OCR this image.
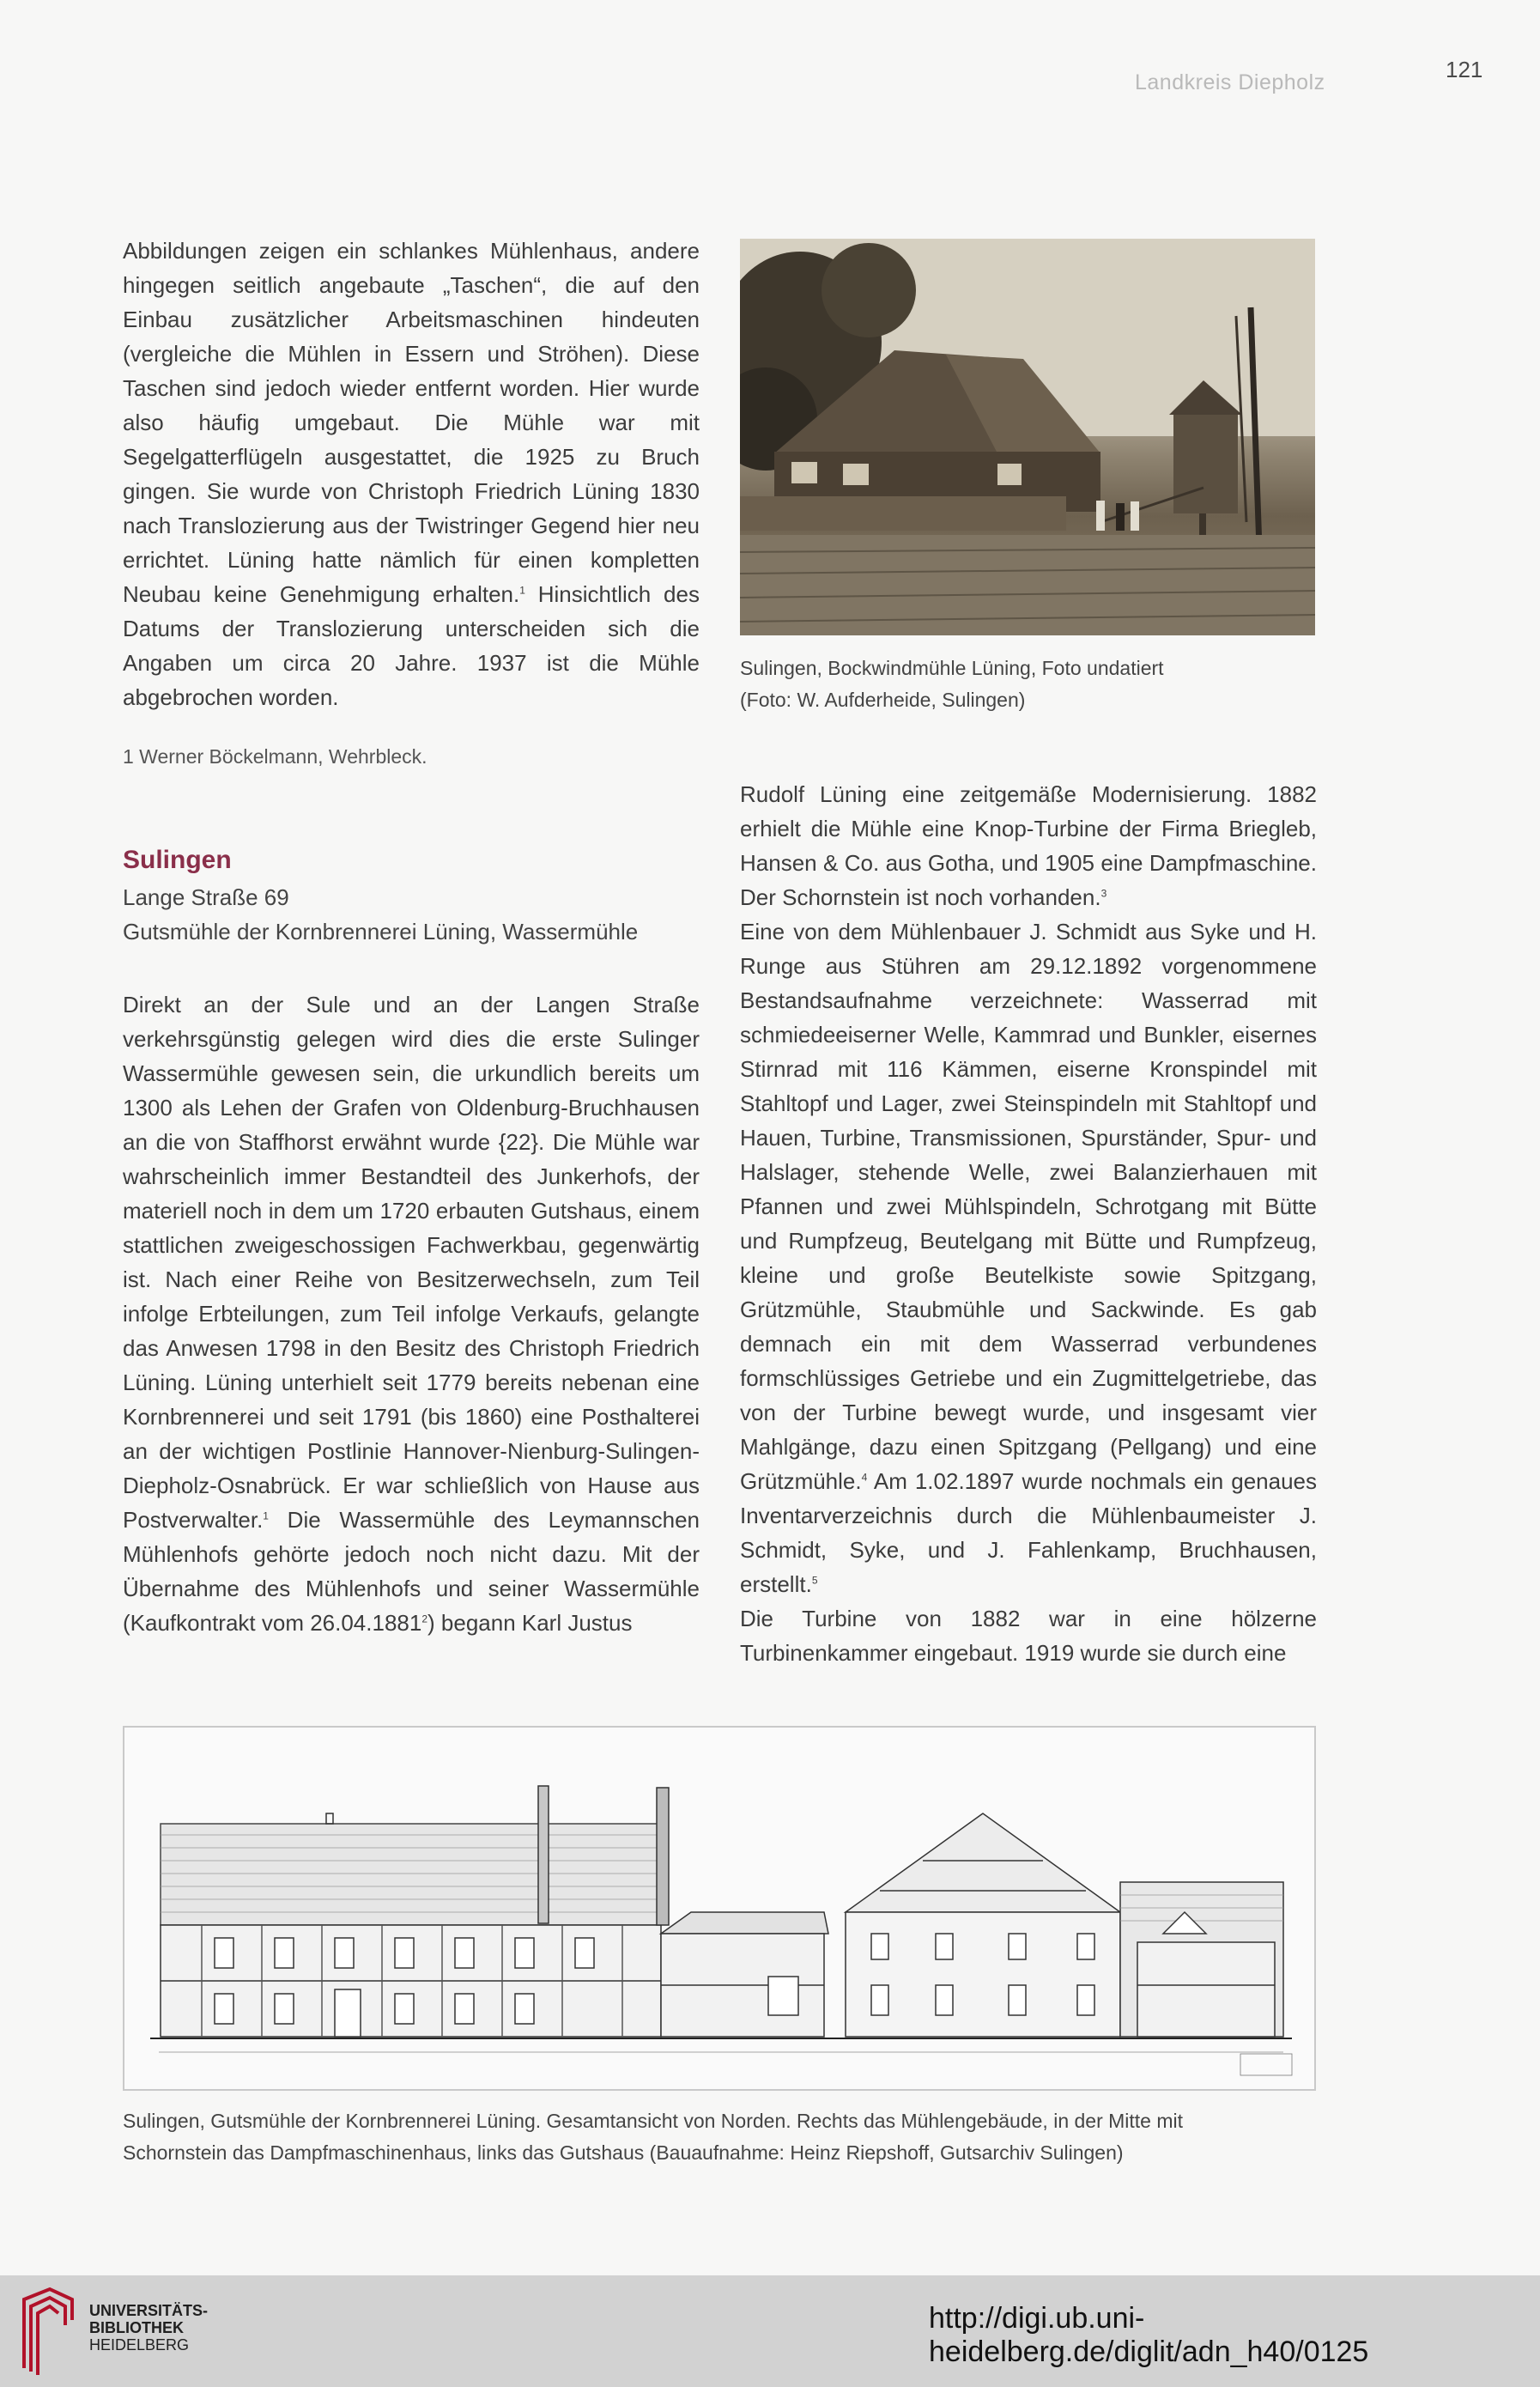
Landkreis Diepholz	121

Abbildungen zeigen ein schlankes Mühlenhaus, andere hingegen seitlich angebaute „Taschen“, die auf den Einbau zusätzlicher Arbeitsmaschinen hindeuten (vergleiche die Mühlen in Essern und Ströhen). Diese Taschen sind jedoch wieder entfernt worden. Hier wurde also häufig umgebaut. Die Mühle war mit Segelgatterflügeln ausgestattet, die 1925 zu Bruch gingen. Sie wurde von Christoph Friedrich Lüning 1830 nach Translozierung aus der Twistringer Gegend hier neu errichtet. Lüning hatte nämlich für einen kompletten Neubau keine Genehmigung erhalten.$^1$ Hinsichtlich des Datums der Translozierung unterscheiden sich die Angaben um circa 20 Jahre. 1937 ist die Mühle abgebrochen worden.

1 Werner Böckelmann, Wehrbleck.
Sulingen, Bockwindmühle Lüning, Foto undatiert
(Foto: W. Aufderheide, Sulingen)
Sulingen
Lange Straße 69
Gutsmühle der Kornbrennerei Lüning, Wassermühle

Direkt an der Sule und an der Langen Straße verkehrsgünstig gelegen wird dies die erste Sulinger Wassermühle gewesen sein, die urkundlich bereits um 1300 als Lehen der Grafen von Oldenburg-Bruchhausen an die von Staffhorst erwähnt wurde {22}. Die Mühle war wahrscheinlich immer Bestandteil des Junkerhofs, der materiell noch in dem um 1720 erbauten Gutshaus, einem stattlichen zweigeschossigen Fachwerkbau, gegenwärtig ist. Nach einer Reihe von Besitzerwechseln, zum Teil infolge Erbteilungen, zum Teil infolge Verkaufs, gelangte das Anwesen 1798 in den Besitz des Christoph Friedrich Lüning. Lüning unterhielt seit 1779 bereits nebenan eine Kornbrennerei und seit 1791 (bis 1860) eine Posthalterei an der wichtigen Postlinie Hannover-Nienburg-Sulingen-Diepholz-Osnabrück. Er war schließlich von Hause aus Postverwalter.$^1$ Die Wassermühle des Leymannschen Mühlenhofs gehörte jedoch noch nicht dazu. Mit der Übernahme des Mühlenhofs und seiner Wassermühle (Kaufkontrakt vom 26.04.1881$^2$) begann Karl Justus

Rudolf Lüning eine zeitgemäße Modernisierung. 1882 erhielt die Mühle eine Knop-Turbine der Firma Briegleb, Hansen & Co. aus Gotha, und 1905 eine Dampfmaschine. Der Schornstein ist noch vorhanden.$^3$

Eine von dem Mühlenbauer J. Schmidt aus Syke und H. Runge aus Stühren am 29.12.1892 vorgenommene Bestandsaufnahme verzeichnete: Wasserrad mit schmiedeeiserner Welle, Kammrad und Bunkler, eisernes Stirnrad mit 116 Kämmen, eiserne Kronspindel mit Stahltopf und Lager, zwei Steinspindeln mit Stahltopf und Hauen, Turbine, Transmissionen, Spurständer, Spur- und Halslager, stehende Welle, zwei Balanzierhauen mit Pfannen und zwei Mühlspindeln, Schrotgang mit Bütte und Rumpfzeug, Beutelgang mit Bütte und Rumpfzeug, kleine und große Beutelkiste sowie Spitzgang, Grützmühle, Staubmühle und Sackwinde. Es gab demnach ein mit dem Wasserrad verbundenes formschlüssiges Getriebe und ein Zugmittelgetriebe, das von der Turbine bewegt wurde, und insgesamt vier Mahlgänge, dazu einen Spitzgang (Pellgang) und eine Grützmühle.$^4$ Am 1.02.1897 wurde nochmals ein genaues Inventarverzeichnis durch die Mühlenbaumeister J. Schmidt, Syke, und J. Fahlenkamp, Bruchhausen, erstellt.$^5$

Die Turbine von 1882 war in eine hölzerne Turbinenkammer eingebaut. 1919 wurde sie durch eine

Sulingen, Gutsmühle der Kornbrennerei Lüning. Gesamtansicht von Norden. Rechts das Mühlengebäude, in der Mitte mit
Schornstein das Dampfmaschinenhaus, links das Gutshaus (Bauaufnahme: Heinz Riepshoff, Gutsarchiv Sulingen)
UNIVERSITÄTS-
BIBLIOTHEK
HEIDELBERG
http://digi.ub.uni-heidelberg.de/diglit/adn_h40/0125
